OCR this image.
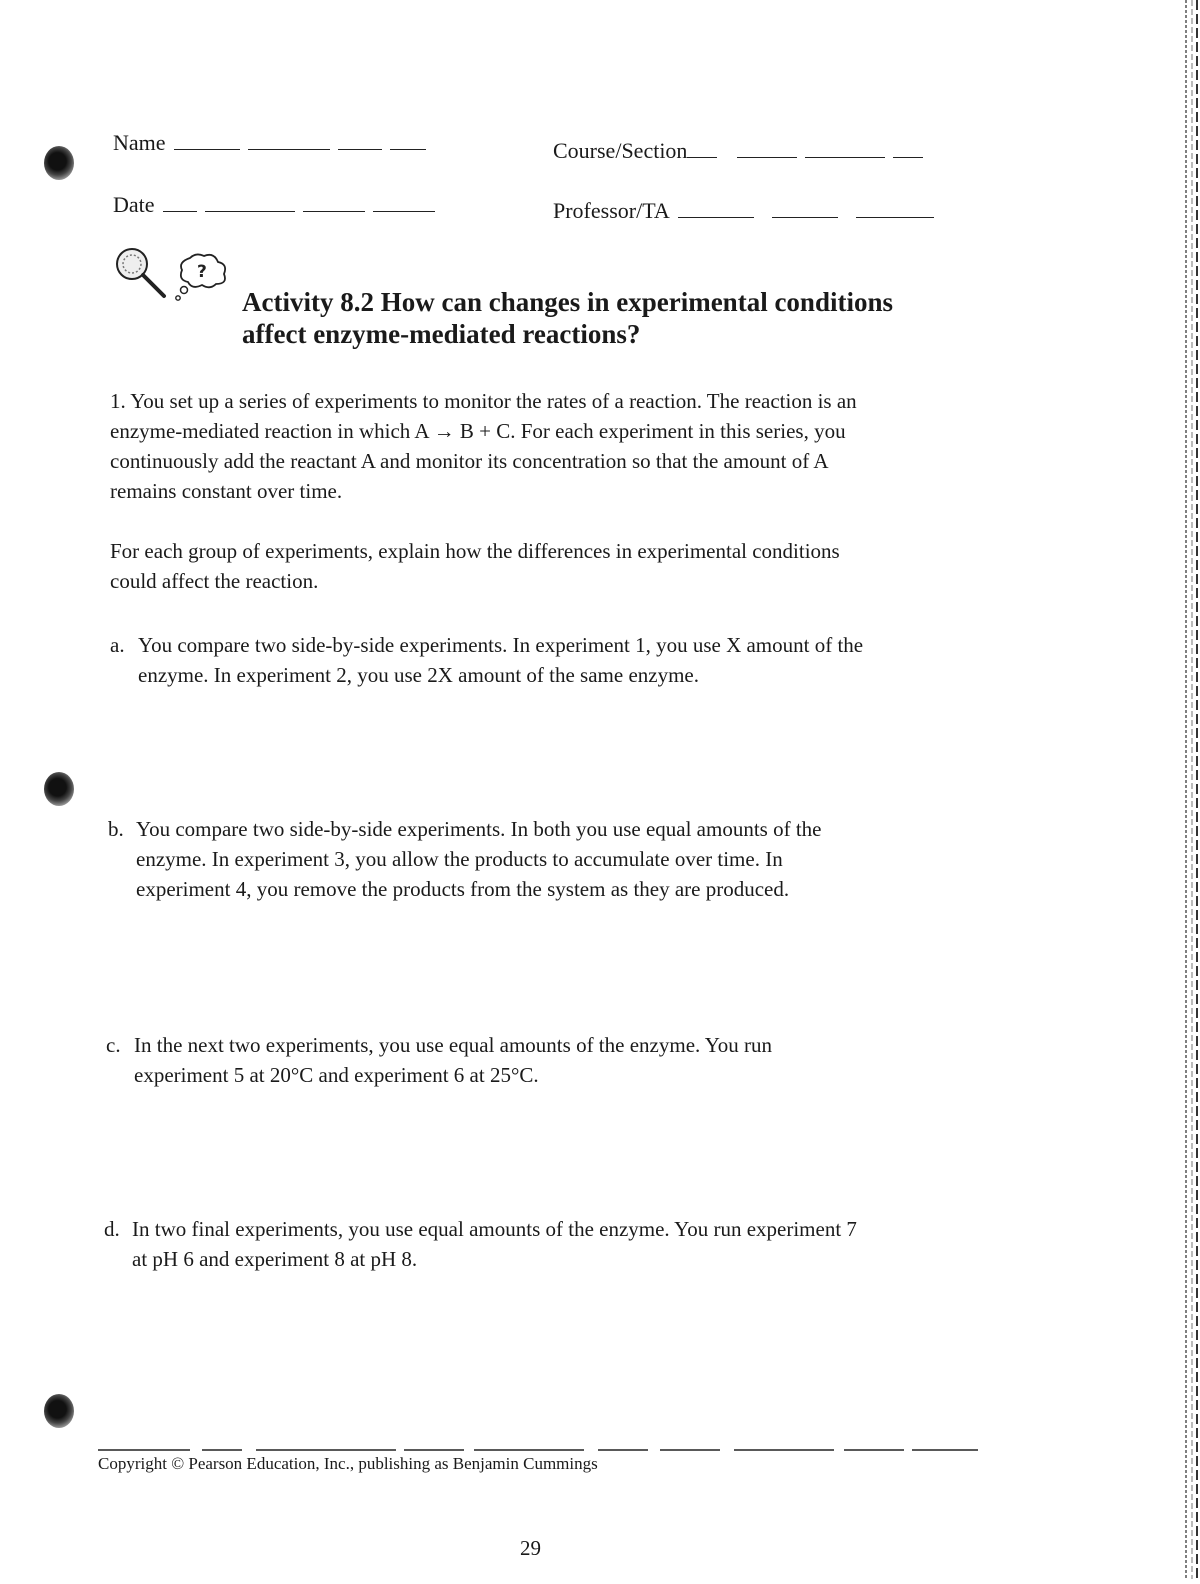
Name	Course/Section
Date	Professor/TA
?
Activity 8.2 How can changes in experimental conditions
affect enzyme-mediated reactions?
1. You set up a series of experiments to monitor the rates of a reaction. The reaction is an
enzyme-mediated reaction in which A → B + C. For each experiment in this series, you
continuously add the reactant A and monitor its concentration so that the amount of A
remains constant over time.
For each group of experiments, explain how the differences in experimental conditions
could affect the reaction.
a. You compare two side-by-side experiments. In experiment 1, you use X amount of the
enzyme. In experiment 2, you use 2X amount of the same enzyme.
b. You compare two side-by-side experiments. In both you use equal amounts of the
enzyme. In experiment 3, you allow the products to accumulate over time. In
experiment 4, you remove the products from the system as they are produced.
c. In the next two experiments, you use equal amounts of the enzyme. You run
experiment 5 at 20°C and experiment 6 at 25°C.
d. In two final experiments, you use equal amounts of the enzyme. You run experiment 7
at pH 6 and experiment 8 at pH 8.
Copyright © Pearson Education, Inc., publishing as Benjamin Cummings
29
